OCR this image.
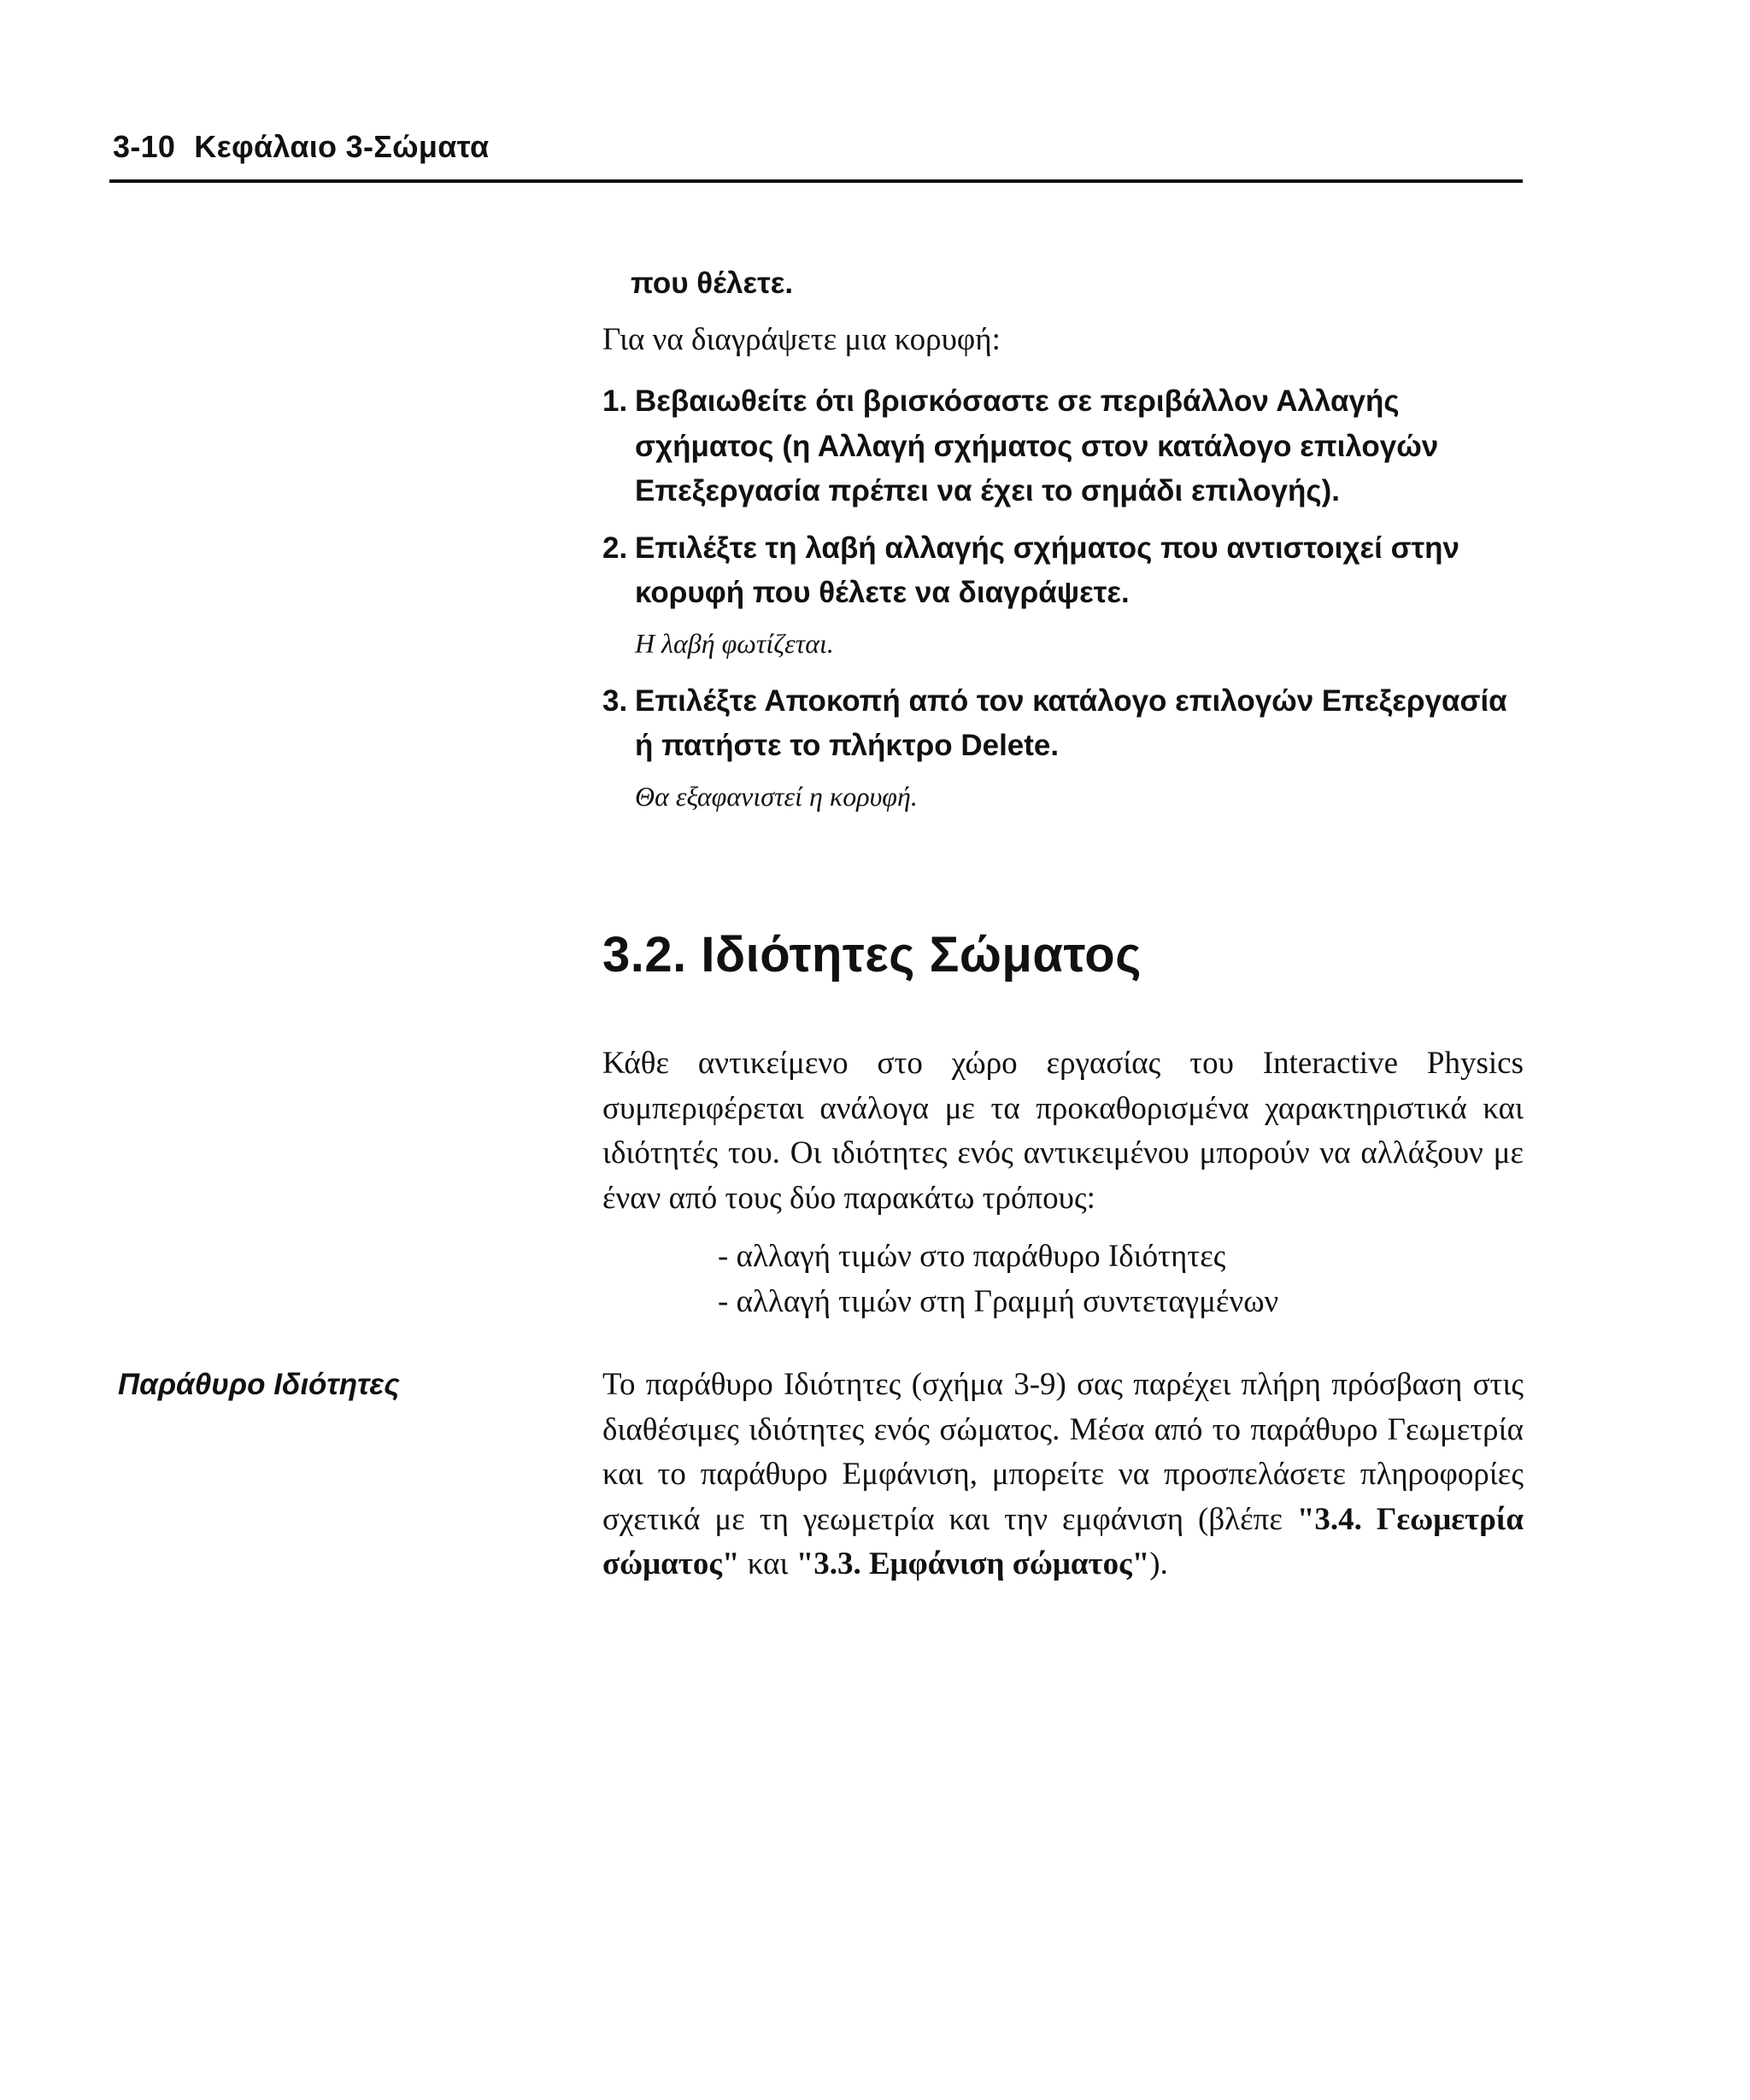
3-10 Κεφάλαιο 3-Σώματα
που θέλετε.
Για να διαγράψετε μια κορυφή:
1. Βεβαιωθείτε ότι βρισκόσαστε σε περιβάλλον Αλλαγής σχήματος (η Αλλαγή σχήματος στον κατάλογο επιλογών Επεξεργασία πρέπει να έχει το σημάδι επιλογής).
2. Επιλέξτε τη λαβή αλλαγής σχήματος που αντιστοιχεί στην κορυφή που θέλετε να διαγράψετε.
Η λαβή φωτίζεται.
3. Επιλέξτε Αποκοπή από τον κατάλογο επιλογών Επεξεργασία ή πατήστε το πλήκτρο Delete.
Θα εξαφανιστεί η κορυφή.
3.2. Ιδιότητες Σώματος

Κάθε αντικείμενο στο χώρο εργασίας του Interactive Physics συμπεριφέρεται ανάλογα με τα προκαθορισμένα χαρακτηριστικά και ιδιότητές του. Οι ιδιότητες ενός αντικειμένου μπορούν να αλλάξουν με έναν από τους δύο παρακάτω τρόπους:

- αλλαγή τιμών στο παράθυρο Ιδιότητες
- αλλαγή τιμών στη Γραμμή συντεταγμένων
Παράθυρο Ιδιότητες	Το παράθυρο Ιδιότητες (σχήμα 3-9) σας παρέχει πλήρη πρόσβαση στις διαθέσιμες ιδιότητες ενός σώματος. Μέσα από το παράθυρο Γεωμετρία και το παράθυρο Εμφάνιση, μπορείτε να προσπελάσετε πληροφορίες σχετικά με τη γεωμετρία και την εμφάνιση (βλέπε "3.4. Γεωμετρία σώματος" και "3.3. Εμφάνιση σώματος").
